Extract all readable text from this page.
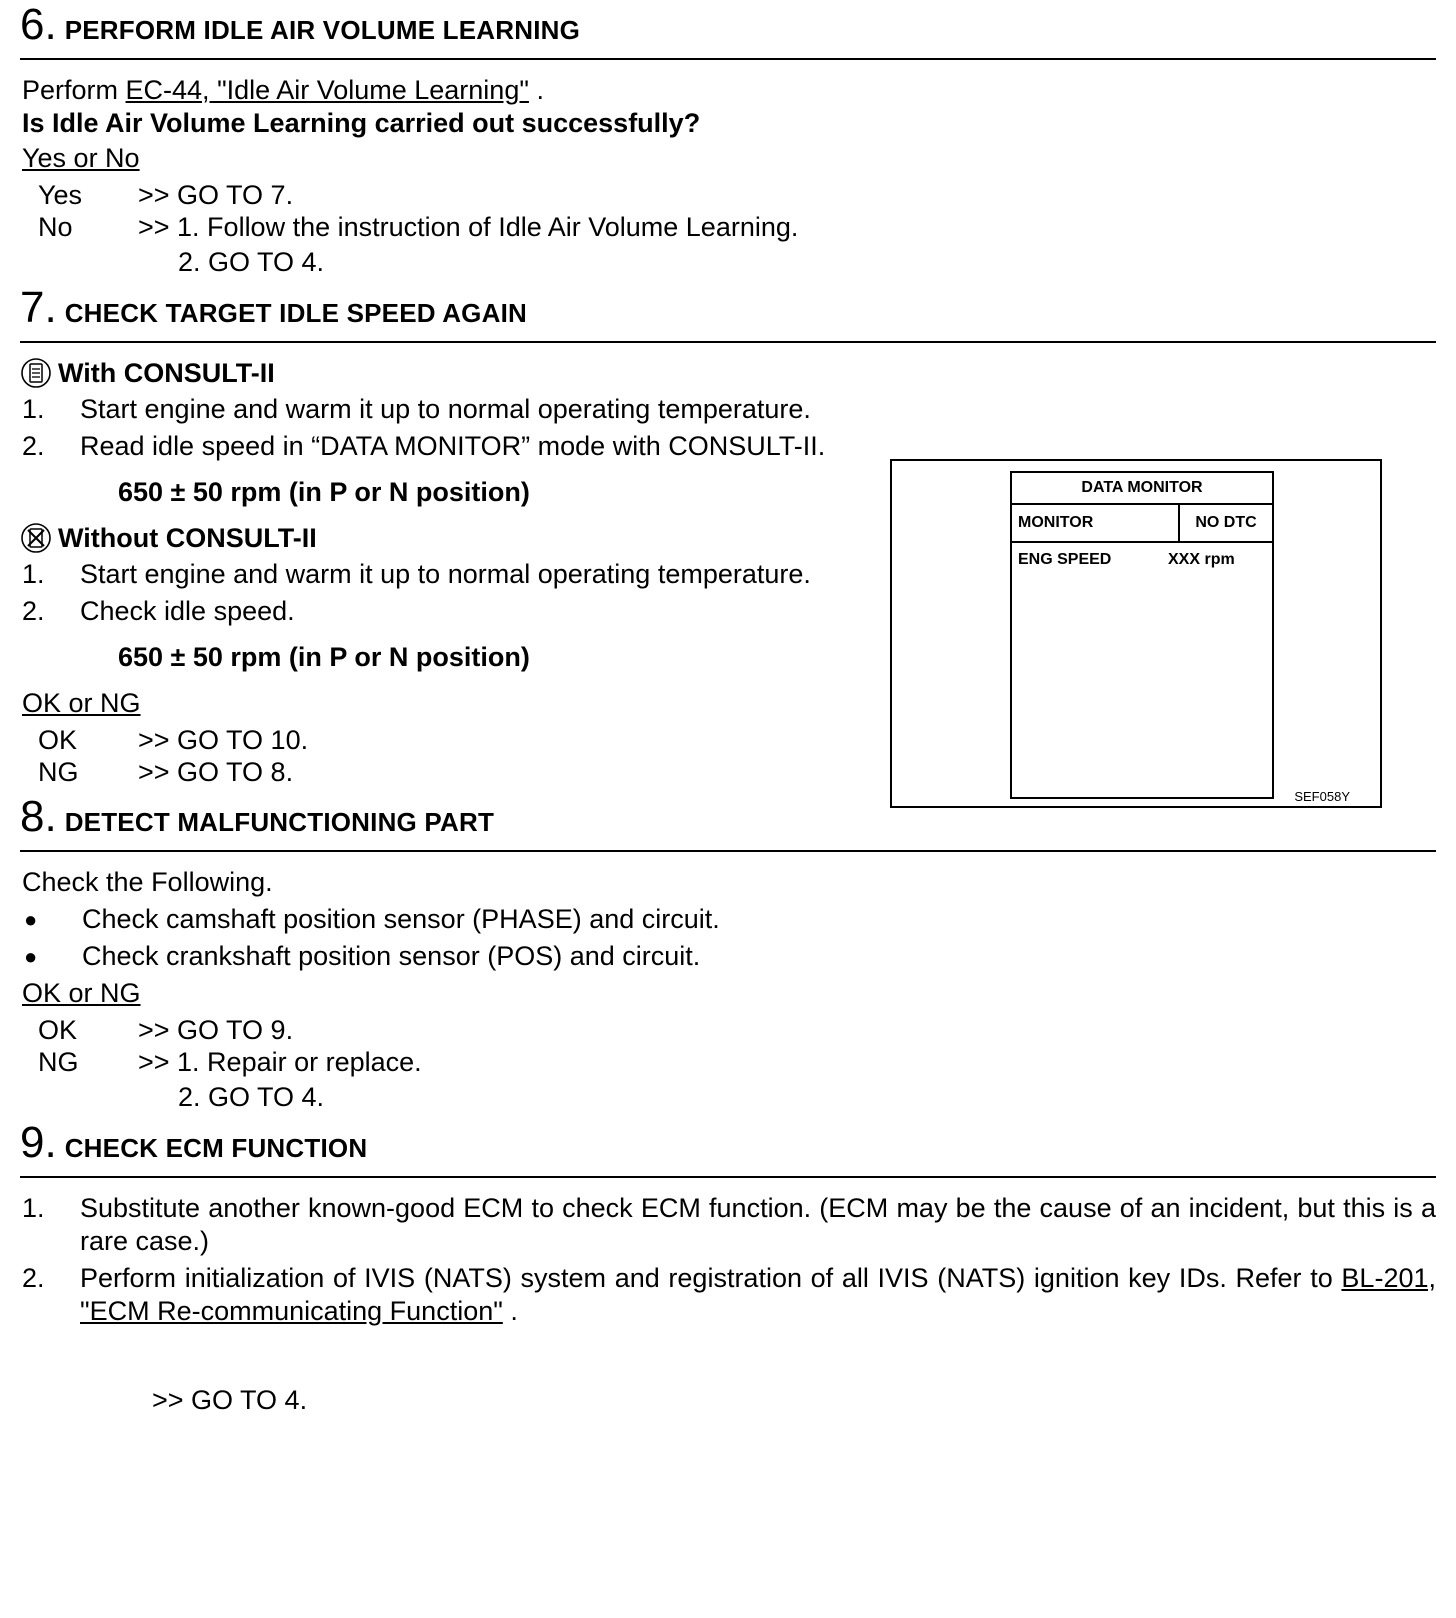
6. PERFORM IDLE AIR VOLUME LEARNING
Perform EC-44, "Idle Air Volume Learning" .
Is Idle Air Volume Learning carried out successfully?
Yes or No
Yes	>> GO TO 7.
No	>> 1. Follow the instruction of Idle Air Volume Learning.
2. GO TO 4.
7. CHECK TARGET IDLE SPEED AGAIN
With CONSULT-II
1.	Start engine and warm it up to normal operating temperature.
2.	Read idle speed in “DATA MONITOR” mode with CONSULT-II.
650 ± 50 rpm (in P or N position)
Without CONSULT-II
1.	Start engine and warm it up to normal operating temperature.
2.	Check idle speed.
650 ± 50 rpm (in P or N position)
OK or NG
OK	>> GO TO 10.
NG	>> GO TO 8.
8. DETECT MALFUNCTIONING PART
Check the Following.
●	Check camshaft position sensor (PHASE) and circuit.
●	Check crankshaft position sensor (POS) and circuit.
OK or NG
OK	>> GO TO 9.
NG	>> 1. Repair or replace.
2. GO TO 4.
9. CHECK ECM FUNCTION
1.	Substitute another known-good ECM to check ECM function. (ECM may be the cause of an incident, but this is a rare case.)
2.	Perform initialization of IVIS (NATS) system and registration of all IVIS (NATS) ignition key IDs. Refer to BL-201, "ECM Re-communicating Function" .
>> GO TO 4.
DATA MONITOR
MONITOR	NO DTC
ENG SPEED	XXX rpm
SEF058Y
